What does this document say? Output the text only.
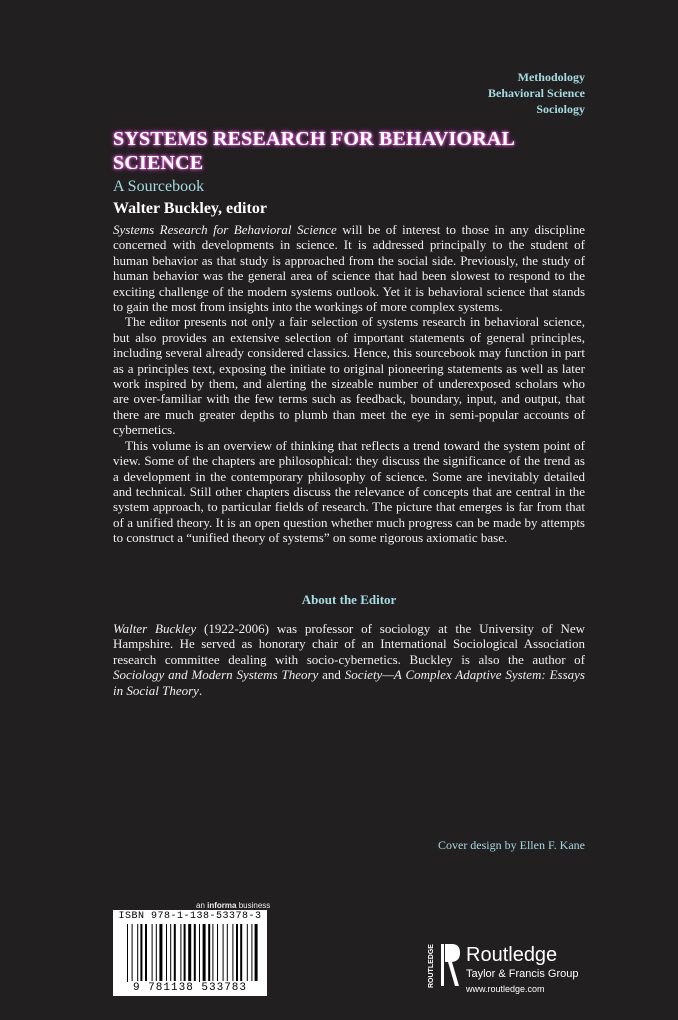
Methodology
Behavioral Science
Sociology
SYSTEMS RESEARCH FOR BEHAVIORAL SCIENCE
A Sourcebook
Walter Buckley, editor

Systems Research for Behavioral Science will be of interest to those in any discipline concerned with developments in science. It is addressed principally to the student of human behavior as that study is approached from the social side. Previously, the study of human behavior was the general area of science that had been slowest to respond to the exciting challenge of the modern systems outlook. Yet it is behavioral science that stands to gain the most from insights into the workings of more complex systems.

The editor presents not only a fair selection of systems research in behavioral science, but also provides an extensive selection of important statements of general principles, including several already considered classics. Hence, this sourcebook may function in part as a principles text, exposing the initiate to original pioneering statements as well as later work inspired by them, and alerting the sizeable number of underexposed scholars who are over-familiar with the few terms such as feedback, boundary, input, and output, that there are much greater depths to plumb than meet the eye in semi-popular accounts of cybernetics.

This volume is an overview of thinking that reflects a trend toward the system point of view. Some of the chapters are philosophical: they discuss the significance of the trend as a development in the contemporary philosophy of science. Some are inevitably detailed and technical. Still other chapters discuss the relevance of concepts that are central in the system approach, to particular fields of research. The picture that emerges is far from that of a unified theory. It is an open question whether much progress can be made by attempts to construct a “unified theory of systems” on some rigorous axiomatic base.

About the Editor

Walter Buckley (1922-2006) was professor of sociology at the University of New Hampshire. He served as honorary chair of an International Sociological Association research committee dealing with socio-cybernetics. Buckley is also the author of Sociology and Modern Systems Theory and Society—A Complex Adaptive System: Essays in Social Theory.

Cover design by Ellen F. Kane
an informa business
ISBN 978-1-138-53378-3
9 781138 533783	ROUTLEDGE Routledge
Taylor & Francis Group
www.routledge.com
